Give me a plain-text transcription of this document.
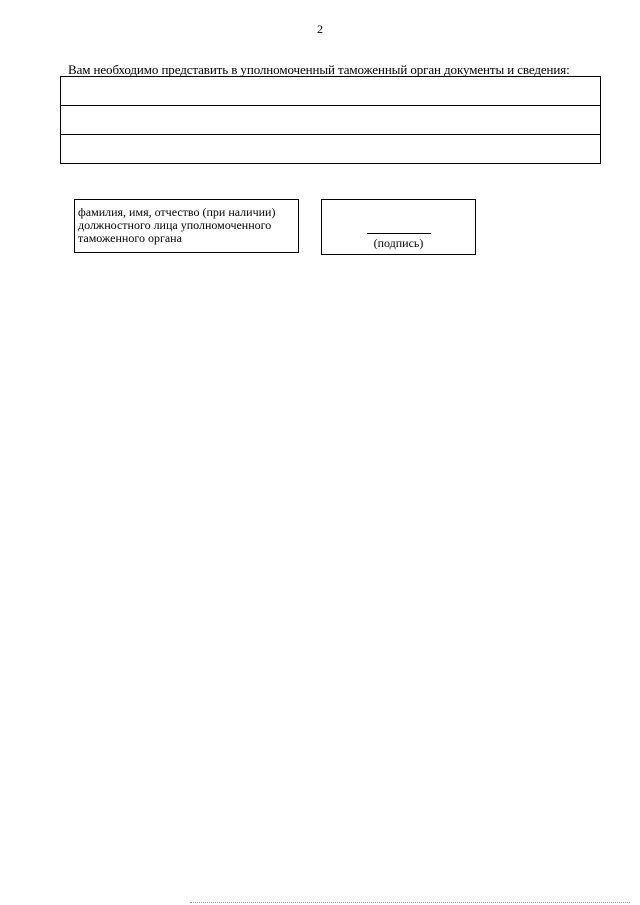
2
Вам необходимо представить в уполномоченный таможенный орган документы и сведения:

фамилия, имя, отчество (при наличии) должностного лица уполномоченного таможенного органа	(подпись)
